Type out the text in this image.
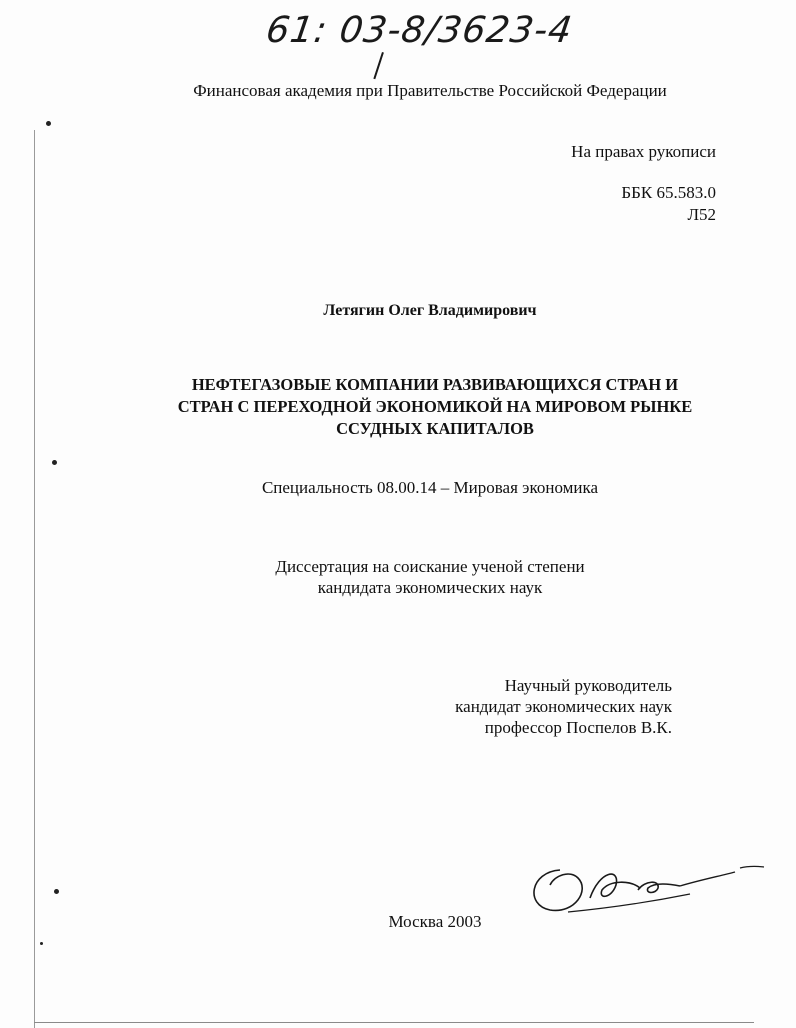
61: 03-8/3623-4
Финансовая академия при Правительстве Российской Федерации
На правах рукописи
ББК 65.583.0
Л52
Летягин Олег Владимирович
НЕФТЕГАЗОВЫЕ КОМПАНИИ РАЗВИВАЮЩИХСЯ СТРАН И
СТРАН С ПЕРЕХОДНОЙ ЭКОНОМИКОЙ НА МИРОВОМ РЫНКЕ
ССУДНЫХ КАПИТАЛОВ
Специальность 08.00.14 – Мировая экономика
Диссертация на соискание ученой степени
кандидата экономических наук
Научный руководитель
кандидат экономических наук
профессор Поспелов В.К.
Москва 2003
